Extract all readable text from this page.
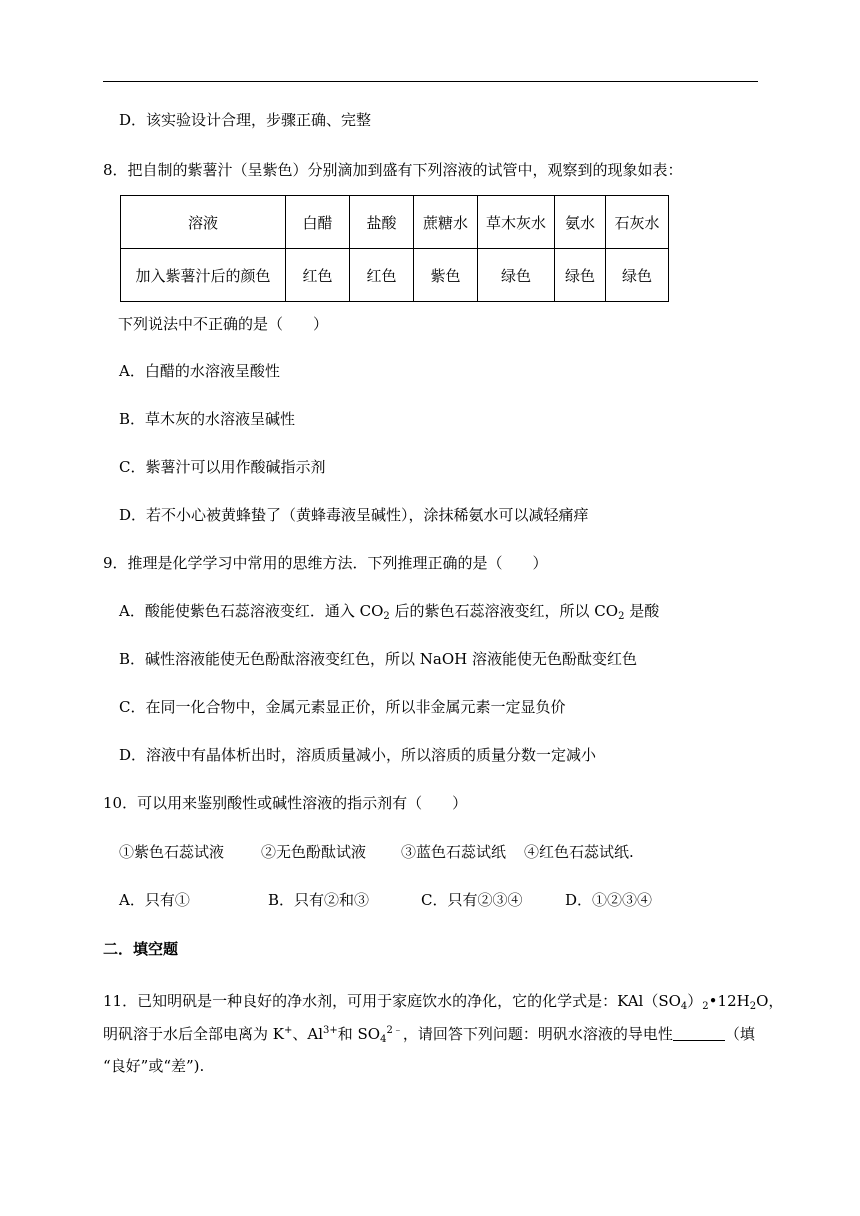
D．该实验设计合理，步骤正确、完整
8．把自制的紫薯汁（呈紫色）分别滴加到盛有下列溶液的试管中，观察到的现象如表：
溶液	白醋	盐酸	蔗糖水	草木灰水	氨水	石灰水
加入紫薯汁后的颜色	红色	红色	紫色	绿色	绿色	绿色
下列说法中不正确的是（　　）
A．白醋的水溶液呈酸性
B．草木灰的水溶液呈碱性
C．紫薯汁可以用作酸碱指示剂
D．若不小心被黄蜂蛰了（黄蜂毒液呈碱性），涂抹稀氨水可以减轻痛痒
9．推理是化学学习中常用的思维方法．下列推理正确的是（　　）
A．酸能使紫色石蕊溶液变红．通入 $CO_2$ 后的紫色石蕊溶液变红，所以 $CO_2$ 是酸
B．碱性溶液能使无色酚酞溶液变红色，所以 NaOH 溶液能使无色酚酞变红色
C．在同一化合物中，金属元素显正价，所以非金属元素一定显负价
D．溶液中有晶体析出时，溶质质量减小，所以溶质的质量分数一定减小
10．可以用来鉴别酸性或碱性溶液的指示剂有（　　）
①紫色石蕊试液 ②无色酚酞试液 ③蓝色石蕊试纸 ④红色石蕊试纸.
A．只有①	B．只有②和③	C．只有②③④	D．①②③④
二．填空题
11．已知明矾是一种良好的净水剂，可用于家庭饮水的净化，它的化学式是：$KAl(SO_4)_2•12H_2O$，
明矾溶于水后全部电离为 K+、$Al^{3+}$和 $SO_4^{2﹣}$，请回答下列问题：明矾水溶液的导电性	（填
“良好”或“差”).
